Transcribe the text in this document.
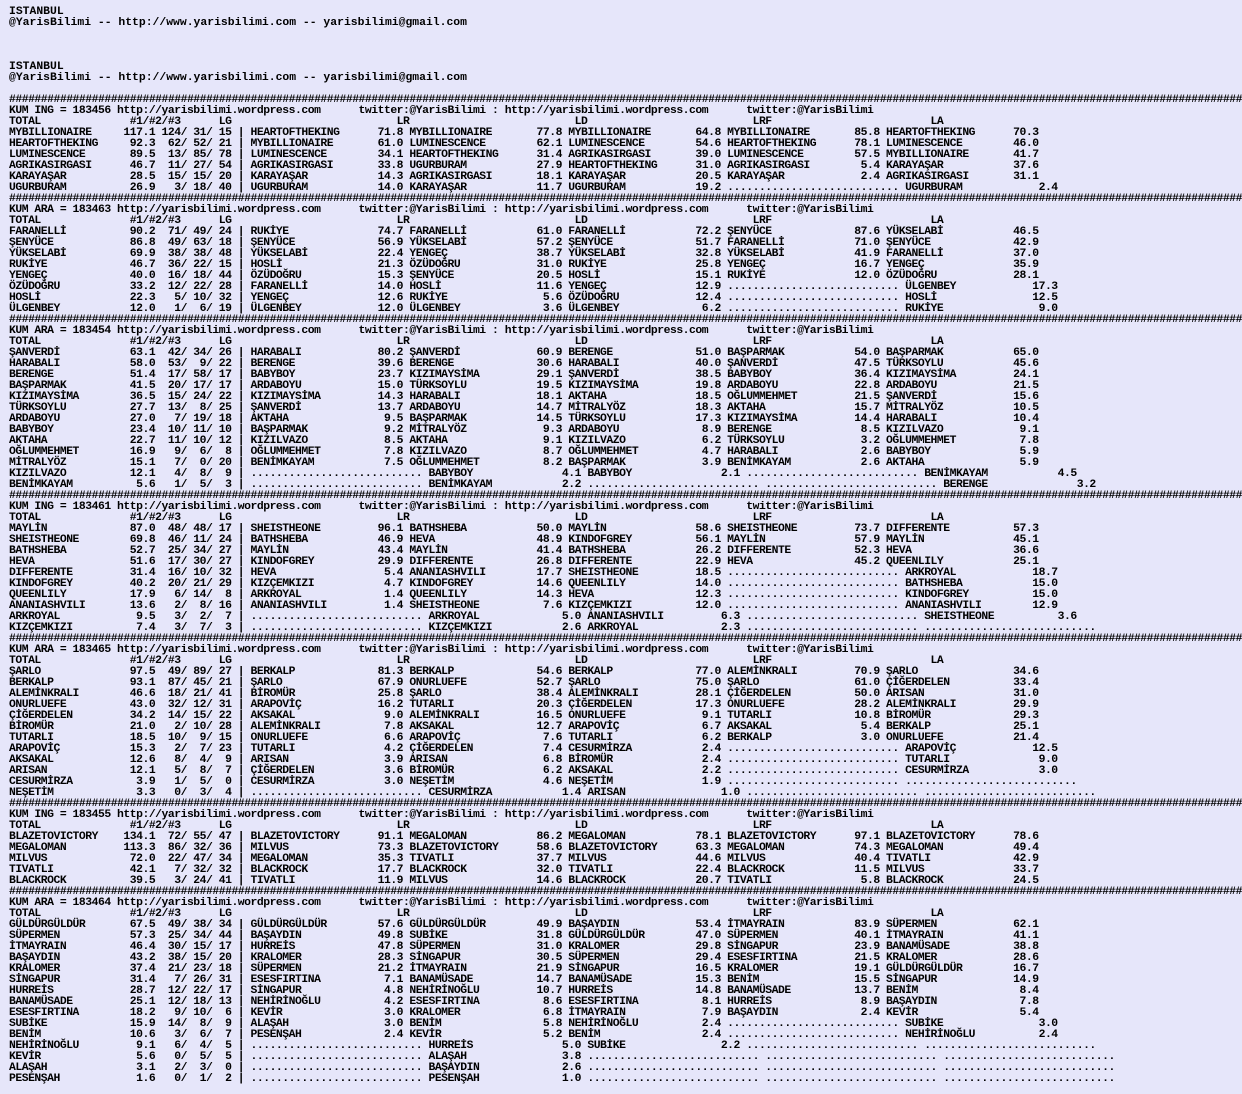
ISTANBUL
@YarisBilimi -- http://www.yarisbilimi.com -- yarisbilimi@gmail.com
ISTANBUL
@YarisBilimi -- http://www.yarisbilimi.com -- yarisbilimi@gmail.com
##################################################################################################################################################################################################
KUM ING = 183456 http://yarisbilimi.wordpress.com      twitter:@YarisBilimi : http://yarisbilimi.wordpress.com      twitter:@YarisBilimi
TOTAL              #1/#2/#3      LG                          LR                          LD                          LRF                         LA
MYBILLIONAIRE     117.1 124/ 31/ 15 | HEARTOFTHEKING      71.8 MYBILLIONAIRE       77.8 MYBILLIONAIRE       64.8 MYBILLIONAIRE       85.8 HEARTOFTHEKING      70.3
HEARTOFTHEKING     92.3  62/ 52/ 21 | MYBILLIONAIRE       61.0 LUMINESCENCE        62.1 LUMINESCENCE        54.6 HEARTOFTHEKING      78.1 LUMINESCENCE        46.0
LUMINESCENCE       89.5  13/ 85/ 78 | LUMINESCENCE        34.1 HEARTOFTHEKING      31.4 AGRIKASIRGASI       39.0 LUMINESCENCE        57.5 MYBILLIONAIRE       41.7
AGRIKASIRGASI      46.7  11/ 27/ 54 | AGRIKASIRGASI       33.8 UGURBURAM           27.9 HEARTOFTHEKING      31.0 AGRIKASIRGASI        5.4 KARAYAŞAR           37.6
KARAYAŞAR          28.5  15/ 15/ 20 | KARAYAŞAR           14.3 AGRIKASIRGASI       18.1 KARAYAŞAR           20.5 KARAYAŞAR            2.4 AGRIKASIRGASI       31.1
UGURBURAM          26.9   3/ 18/ 40 | UGURBURAM           14.0 KARAYAŞAR           11.7 UGURBURAM           19.2 ........................... UGURBURAM            2.4
##################################################################################################################################################################################################
KUM ARA = 183463 http://yarisbilimi.wordpress.com      twitter:@YarisBilimi : http://yarisbilimi.wordpress.com      twitter:@YarisBilimi
TOTAL              #1/#2/#3      LG                          LR                          LD                          LRF                         LA
FARANELLİ          90.2  71/ 49/ 24 | RUKİYE              74.7 FARANELLİ           61.0 FARANELLİ           72.2 ŞENYÜCE             87.6 YÜKSELABİ           46.5
ŞENYÜCE            86.8  49/ 63/ 18 | ŞENYÜCE             56.9 YÜKSELABİ           57.2 ŞENYÜCE             51.7 FARANELLİ           71.0 ŞENYÜCE             42.9
YÜKSELABİ          69.9  38/ 38/ 48 | YÜKSELABİ           22.4 YENGEÇ              38.7 YÜKSELABİ           32.8 YÜKSELABİ           41.9 FARANELLİ           37.0
RUKİYE             46.7  36/ 22/ 15 | HOSLİ               21.3 ÖZÜDOĞRU            31.0 RUKİYE              25.8 YENGEÇ              16.7 YENGEÇ              35.9
YENGEÇ             40.0  16/ 18/ 44 | ÖZÜDOĞRU            15.3 ŞENYÜCE             20.5 HOSLİ               15.1 RUKİYE              12.0 ÖZÜDOĞRU            28.1
ÖZÜDOĞRU           33.2  12/ 22/ 28 | FARANELLİ           14.0 HOSLİ               11.6 YENGEÇ              12.9 ........................... ÜLGENBEY            17.3
HOSLİ              22.3   5/ 10/ 32 | YENGEÇ              12.6 RUKİYE               5.6 ÖZÜDOĞRU            12.4 ........................... HOSLİ               12.5
ÜLGENBEY           12.0   1/  6/ 19 | ÜLGENBEY            12.0 ÜLGENBEY             3.6 ÜLGENBEY             6.2 ........................... RUKİYE               9.0
##################################################################################################################################################################################################
KUM ARA = 183454 http://yarisbilimi.wordpress.com      twitter:@YarisBilimi : http://yarisbilimi.wordpress.com      twitter:@YarisBilimi
TOTAL              #1/#2/#3      LG                          LR                          LD                          LRF                         LA
ŞANVERDİ           63.1  42/ 34/ 26 | HARABALI            80.2 ŞANVERDİ            60.9 BERENGE             51.0 BAŞPARMAK           54.0 BAŞPARMAK           65.0
HARABALI           58.0  53/  9/ 22 | BERENGE             39.6 BERENGE             30.6 HARABALI            40.0 ŞANVERDİ            47.5 TÜRKSOYLU           45.6
BERENGE            51.4  17/ 58/ 17 | BABYBOY             23.7 KIZIMAYSİMA         29.1 ŞANVERDİ            38.5 BABYBOY             36.4 KIZIMAYSİMA         24.1
BAŞPARMAK          41.5  20/ 17/ 17 | ARDABOYU            15.0 TÜRKSOYLU           19.5 KIZIMAYSİMA         19.8 ARDABOYU            22.8 ARDABOYU            21.5
KIZIMAYSİMA        36.5  15/ 24/ 22 | KIZIMAYSİMA         14.3 HARABALI            18.1 AKTAHA              18.5 OĞLUMMEHMET         21.5 ŞANVERDİ            15.6
TÜRKSOYLU          27.7  13/  8/ 25 | ŞANVERDİ            13.7 ARDABOYU            14.7 MİTRALYÖZ           18.3 AKTAHA              15.7 MİTRALYÖZ           10.5
ARDABOYU           27.0   7/ 19/ 18 | AKTAHA               9.5 BAŞPARMAK           14.5 TÜRKSOYLU           17.3 KIZIMAYSİMA         14.4 HARABALI            10.4
BABYBOY            23.4  10/ 11/ 10 | BAŞPARMAK            9.2 MİTRALYÖZ            9.3 ARDABOYU             8.9 BERENGE              8.5 KIZILVAZO            9.1
AKTAHA             22.7  11/ 10/ 12 | KIZILVAZO            8.5 AKTAHA               9.1 KIZILVAZO            6.2 TÜRKSOYLU            3.2 OĞLUMMEHMET          7.8
OĞLUMMEHMET        16.9   9/  6/  8 | OĞLUMMEHMET          7.8 KIZILVAZO            8.7 OĞLUMMEHMET          4.7 HARABALI             2.6 BABYBOY              5.9
MİTRALYÖZ          15.1   7/  0/ 20 | BENİMKAYAM           7.5 OĞLUMMEHMET          8.2 BAŞPARMAK            3.9 BENİMKAYAM           2.6 AKTAHA               5.9
KIZILVAZO          12.1   4/  8/  9 | ........................... BABYBOY              4.1 BABYBOY              2.1 ........................... BENİMKAYAM           4.5
BENİMKAYAM          5.6   1/  5/  3 | ........................... BENİMKAYAM           2.2 ........................... ........................... BERENGE              3.2
##################################################################################################################################################################################################
KUM ING = 183461 http://yarisbilimi.wordpress.com      twitter:@YarisBilimi : http://yarisbilimi.wordpress.com      twitter:@YarisBilimi
TOTAL              #1/#2/#3      LG                          LR                          LD                          LRF                         LA
MAYLİN             87.0  48/ 48/ 17 | SHEISTHEONE         96.1 BATHSHEBA           50.0 MAYLİN              58.6 SHEISTHEONE         73.7 DIFFERENTE          57.3
SHEISTHEONE        69.8  46/ 11/ 24 | BATHSHEBA           46.9 HEVA                48.9 KINDOFGREY          56.1 MAYLİN              57.9 MAYLİN              45.1
BATHSHEBA          52.7  25/ 34/ 27 | MAYLİN              43.4 MAYLİN              41.4 BATHSHEBA           26.2 DIFFERENTE          52.3 HEVA                36.6
HEVA               51.6  17/ 30/ 27 | KINDOFGREY          29.9 DIFFERENTE          26.8 DIFFERENTE          22.9 HEVA                45.2 QUEENLILY           25.1
DIFFERENTE         31.4  16/ 10/ 32 | HEVA                 5.4 ANANIASHVILI        17.7 SHEISTHEONE         18.5 ........................... ARKROYAL            18.7
KINDOFGREY         40.2  20/ 21/ 29 | KIZÇEMKIZI           4.7 KINDOFGREY          14.6 QUEENLILY           14.0 ........................... BATHSHEBA           15.0
QUEENLILY          17.9   6/ 14/  8 | ARKROYAL             1.4 QUEENLILY           14.3 HEVA                12.3 ........................... KINDOFGREY          15.0
ANANIASHVILI       13.6   2/  8/ 16 | ANANIASHVILI         1.4 SHEISTHEONE          7.6 KIZÇEMKIZI          12.0 ........................... ANANIASHVILI        12.9
ARKROYAL            9.5   3/  2/  7 | ........................... ARKROYAL             5.0 ANANIASHVILI         6.3 ........................... SHEISTHEONE          3.6
KIZÇEMKIZI          7.4   3/  7/  3 | ........................... KIZÇEMKIZI           2.6 ARKROYAL             2.3 ........................... ...........................
##################################################################################################################################################################################################
KUM ARA = 183465 http://yarisbilimi.wordpress.com      twitter:@YarisBilimi : http://yarisbilimi.wordpress.com      twitter:@YarisBilimi
TOTAL              #1/#2/#3      LG                          LR                          LD                          LRF                         LA
ŞARLO              97.5  49/ 89/ 27 | BERKALP             81.3 BERKALP             54.6 BERKALP             77.0 ALEMİNKRALI         70.9 ŞARLO               34.6
BERKALP            93.1  87/ 45/ 21 | ŞARLO               67.9 ONURLUEFE           52.7 ŞARLO               75.0 ŞARLO               61.0 ÇİĞERDELEN          33.4
ALEMİNKRALI        46.6  18/ 21/ 41 | BİROMÜR             25.8 ŞARLO               38.4 ALEMİNKRALI         28.1 ÇİĞERDELEN          50.0 ARISAN              31.0
ONURLUEFE          43.0  32/ 12/ 31 | ARAPOVİÇ            16.2 TUTARLI             20.3 ÇİĞERDELEN          17.3 ONURLUEFE           28.2 ALEMİNKRALI         29.9
ÇİĞERDELEN         34.2  14/ 15/ 22 | AKSAKAL              9.0 ALEMİNKRALI         16.5 ONURLUEFE            9.1 TUTARLI             10.8 BİROMÜR             29.3
BİROMÜR            21.0   2/ 10/ 28 | ALEMİNKRALI          7.8 AKSAKAL             12.7 ARAPOVİÇ             6.7 AKSAKAL              5.4 BERKALP             25.1
TUTARLI            18.5  10/  9/ 15 | ONURLUEFE            6.6 ARAPOVİÇ             7.6 TUTARLI              6.2 BERKALP              3.0 ONURLUEFE           21.4
ARAPOVİÇ           15.3   2/  7/ 23 | TUTARLI              4.2 ÇİĞERDELEN           7.4 CESURMİRZA           2.4 ........................... ARAPOVİÇ            12.5
AKSAKAL            12.6   8/  4/  9 | ARISAN               3.9 ARISAN               6.8 BİROMÜR              2.4 ........................... TUTARLI              9.0
ARISAN             12.1   5/  8/  7 | ÇİĞERDELEN           3.6 BİROMÜR              6.2 AKSAKAL              2.2 ........................... CESURMİRZA           3.0
CESURMİRZA          3.9   1/  5/  0 | CESURMİRZA           3.0 NEŞETİM              4.6 NEŞETİM              1.9 ........................... ...........................
NEŞETİM             3.3   0/  3/  4 | ........................... CESURMİRZA           1.4 ARISAN               1.0 ........................... ...........................
##################################################################################################################################################################################################
KUM ING = 183455 http://yarisbilimi.wordpress.com      twitter:@YarisBilimi : http://yarisbilimi.wordpress.com      twitter:@YarisBilimi
TOTAL              #1/#2/#3      LG                          LR                          LD                          LRF                         LA
BLAZETOVICTORY    134.1  72/ 55/ 47 | BLAZETOVICTORY      91.1 MEGALOMAN           86.2 MEGALOMAN           78.1 BLAZETOVICTORY      97.1 BLAZETOVICTORY      78.6
MEGALOMAN         113.3  86/ 32/ 36 | MILVUS              73.3 BLAZETOVICTORY      58.6 BLAZETOVICTORY      63.3 MEGALOMAN           74.3 MEGALOMAN           49.4
MILVUS             72.0  22/ 47/ 34 | MEGALOMAN           35.3 TIVATLI             37.7 MILVUS              44.6 MILVUS              40.4 TIVATLI             42.9
TIVATLI            42.1   7/ 32/ 32 | BLACKROCK           17.7 BLACKROCK           32.0 TIVATLI             22.4 BLACKROCK           11.5 MILVUS              33.7
BLACKROCK          39.5   3/ 24/ 41 | TIVATLI             11.9 MILVUS              14.6 BLACKROCK           20.7 TIVATLI              5.8 BLACKROCK           24.5
##################################################################################################################################################################################################
KUM ARA = 183464 http://yarisbilimi.wordpress.com      twitter:@YarisBilimi : http://yarisbilimi.wordpress.com      twitter:@YarisBilimi
TOTAL              #1/#2/#3      LG                          LR                          LD                          LRF                         LA
GÜLDÜRGÜLDÜR       67.5  49/ 38/ 34 | GÜLDÜRGÜLDÜR        57.6 GÜLDÜRGÜLDÜR        49.9 BAŞAYDIN            53.4 İTMAYRAIN           83.9 SÜPERMEN            62.1
SÜPERMEN           57.3  25/ 34/ 44 | BAŞAYDIN            49.8 SUBİKE              31.8 GÜLDÜRGÜLDÜR        47.0 SÜPERMEN            40.1 İTMAYRAIN           41.1
İTMAYRAIN          46.4  30/ 15/ 17 | HURREİS             47.8 SÜPERMEN            31.0 KRALOMER            29.8 SİNGAPUR            23.9 BANAMÜSADE          38.8
BAŞAYDIN           43.2  38/ 15/ 20 | KRALOMER            28.3 SİNGAPUR            30.5 SÜPERMEN            29.4 ESESFIRTINA         21.5 KRALOMER            28.6
KRALOMER           37.4  21/ 23/ 18 | SÜPERMEN            21.2 İTMAYRAIN           21.9 SİNGAPUR            16.5 KRALOMER            19.1 GÜLDÜRGÜLDÜR        16.7
SİNGAPUR           31.4   7/ 26/ 31 | ESESFIRTINA          7.1 BANAMÜSADE          14.7 BANAMÜSADE          15.3 BENİM               15.5 SİNGAPUR            14.9
HURREİS            28.7  12/ 22/ 17 | SİNGAPUR             4.8 NEHİRİNOĞLU         10.7 HURREİS             14.8 BANAMÜSADE          13.7 BENİM                8.4
BANAMÜSADE         25.1  12/ 18/ 13 | NEHİRİNOĞLU          4.2 ESESFIRTINA          8.6 ESESFIRTINA          8.1 HURREİS              8.9 BAŞAYDIN             7.8
ESESFIRTINA        18.2   9/ 10/  6 | KEVİR                3.0 KRALOMER             6.8 İTMAYRAIN            7.9 BAŞAYDIN             2.4 KEVİR                5.4
SUBİKE             15.9  14/  8/  9 | ALAŞAH               3.0 BENİM                5.8 NEHİRİNOĞLU          2.4 ........................... SUBİKE               3.0
BENİM              10.6   3/  6/  7 | PESENŞAH             2.4 KEVİR                5.2 BENİM                2.4 ........................... NEHİRİNOĞLU          2.4
NEHİRİNOĞLU         9.1   6/  4/  5 | ........................... HURREİS              5.0 SUBİKE               2.2 ........................... ...........................
KEVİR               5.6   0/  5/  5 | ........................... ALAŞAH               3.8 ........................... ........................... ...........................
ALAŞAH              3.1   2/  3/  0 | ........................... BAŞAYDIN             2.6 ........................... ........................... ...........................
PESENŞAH            1.6   0/  1/  2 | ........................... PESENŞAH             1.0 ........................... ........................... ...........................
